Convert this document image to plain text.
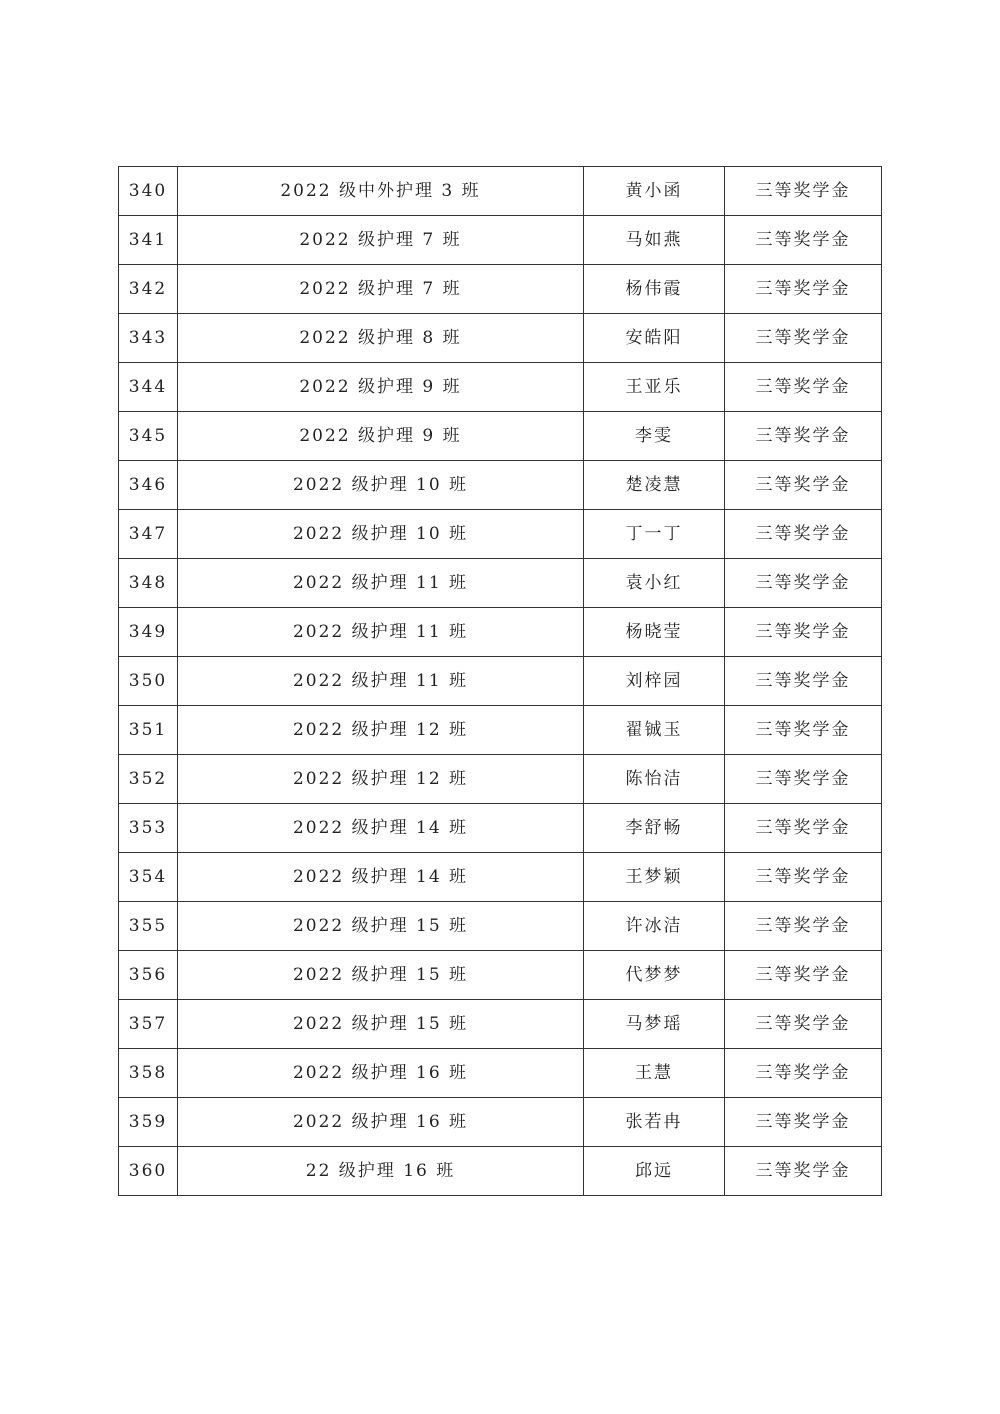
340	2022 级中外护理 3 班	黄小函	三等奖学金
341	2022 级护理 7 班	马如燕	三等奖学金
342	2022 级护理 7 班	杨伟霞	三等奖学金
343	2022 级护理 8 班	安皓阳	三等奖学金
344	2022 级护理 9 班	王亚乐	三等奖学金
345	2022 级护理 9 班	李雯	三等奖学金
346	2022 级护理 10 班	楚凌慧	三等奖学金
347	2022 级护理 10 班	丁一丁	三等奖学金
348	2022 级护理 11 班	袁小红	三等奖学金
349	2022 级护理 11 班	杨晓莹	三等奖学金
350	2022 级护理 11 班	刘梓园	三等奖学金
351	2022 级护理 12 班	翟铖玉	三等奖学金
352	2022 级护理 12 班	陈怡洁	三等奖学金
353	2022 级护理 14 班	李舒畅	三等奖学金
354	2022 级护理 14 班	王梦颖	三等奖学金
355	2022 级护理 15 班	许冰洁	三等奖学金
356	2022 级护理 15 班	代梦梦	三等奖学金
357	2022 级护理 15 班	马梦瑶	三等奖学金
358	2022 级护理 16 班	王慧	三等奖学金
359	2022 级护理 16 班	张若冉	三等奖学金
360	22 级护理 16 班	邱远	三等奖学金
